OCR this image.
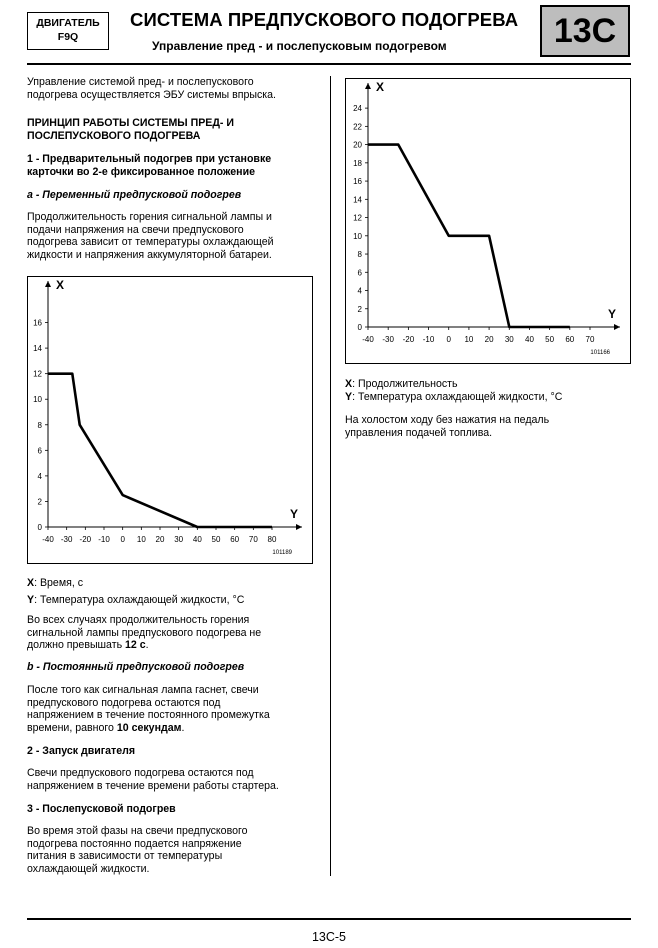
ДВИГАТЕЛЬ
F9Q
СИСТЕМА ПРЕДПУСКОВОГО ПОДОГРЕВА
Управление пред - и послепусковым подогревом	13C
Управление системой пред- и послепускового
подогрева осуществляется ЭБУ системы впрыска.
ПРИНЦИП РАБОТЫ СИСТЕМЫ ПРЕД- И
ПОСЛЕПУСКОВОГО ПОДОГРЕВА
1 - Предварительный подогрев при установке
карточки во 2-е фиксированное положение
a - Переменный предпусковой подогрев
Продолжительность горения сигнальной лампы и
подачи напряжения на свечи предпускового
подогрева зависит от температуры охлаждающей
жидкости и напряжения аккумуляторной батареи.
X
Y
0
2
4
6
8
10
12
14
16
-40 -30 -20 -10 0 10 20 30 40 50 60 70 80
101189
X: Время, с
Y: Температура охлаждающей жидкости, °C
Во всех случаях продолжительность горения
сигнальной лампы предпускового подогрева не
должно превышать 12 с.
b - Постоянный предпусковой подогрев
После того как сигнальная лампа гаснет, свечи
предпускового подогрева остаются под
напряжением в течение постоянного промежутка
времени, равного 10 секундам.
2 - Запуск двигателя
Свечи предпускового подогрева остаются под
напряжением в течение времени работы стартера.
3 - Послепусковой подогрев
Во время этой фазы на свечи предпускового
подогрева постоянно подается напряжение
питания в зависимости от температуры
охлаждающей жидкости.
X
Y
0
2
4
6
8
10
12
14
16
18
20
22
24
-40 -30 -20 -10 0 10 20 30 40 50 60 70
101166
X: Продолжительность
Y: Температура охлаждающей жидкости, °C
На холостом ходу без нажатия на педаль
управления подачей топлива.
13C-5
